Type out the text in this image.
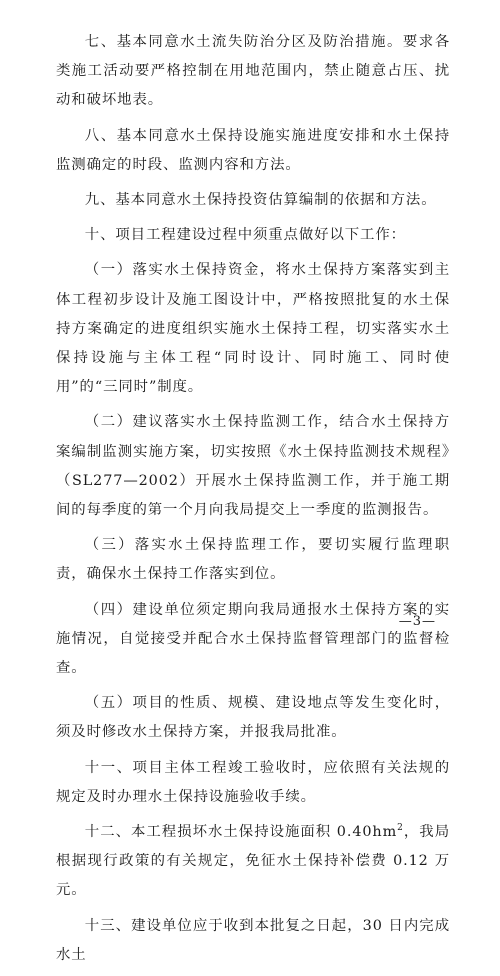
七、基本同意水土流失防治分区及防治措施。要求各类施工活动要严格控制在用地范围内，禁止随意占压、扰动和破坏地表。

八、基本同意水土保持设施实施进度安排和水土保持监测确定的时段、监测内容和方法。

九、基本同意水土保持投资估算编制的依据和方法。

十、项目工程建设过程中须重点做好以下工作：

（一）落实水土保持资金，将水土保持方案落实到主体工程初步设计及施工图设计中，严格按照批复的水土保持方案确定的进度组织实施水土保持工程，切实落实水土保持设施与主体工程“同时设计、同时施工、同时使用”的“三同时”制度。

（二）建议落实水土保持监测工作，结合水土保持方案编制监测实施方案，切实按照《水土保持监测技术规程》（SL277—2002）开展水土保持监测工作，并于施工期间的每季度的第一个月向我局提交上一季度的监测报告。

（三）落实水土保持监理工作，要切实履行监理职责，确保水土保持工作落实到位。

（四）建设单位须定期向我局通报水土保持方案的实施情况，自觉接受并配合水土保持监督管理部门的监督检查。

（五）项目的性质、规模、建设地点等发生变化时，须及时修改水土保持方案，并报我局批准。

十一、项目主体工程竣工验收时，应依照有关法规的规定及时办理水土保持设施验收手续。

十二、本工程损坏水土保持设施面积 $0.40hm^2$，我局根据现行政策的有关规定，免征水土保持补偿费 0.12 万元。

十三、建设单位应于收到本批复之日起，30 日内完成水土

—3—
